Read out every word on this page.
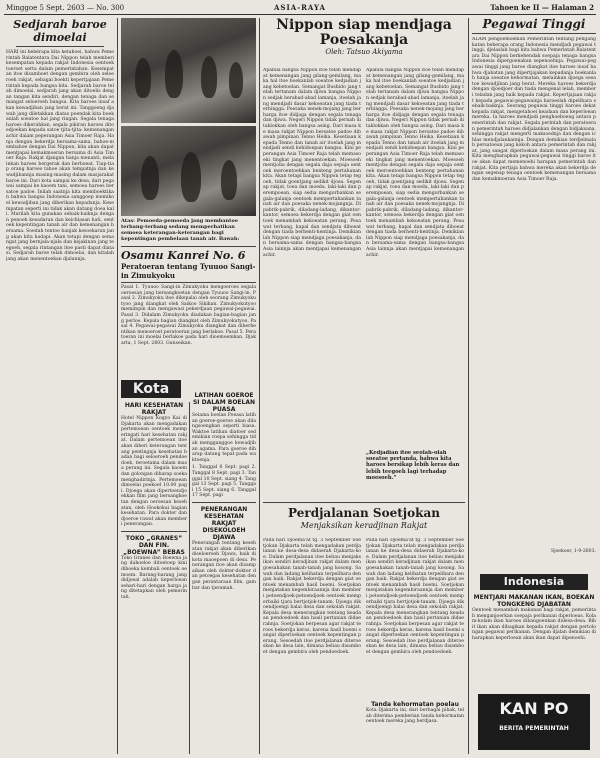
Minggoe 5 Sept. 2603 — No. 300	ASIA-RAYA	Tahoen ke II — Halaman 2
Sedjarah baroe dimoelai
HARI ini bebérapa kita ketahoei, bahwa Pemerintah Balatentara Dai Nippon telah memberi kesempatan kepada rakjat Indonesia oentoek toeroet serta dalam pemerintahan. Kesempatan itoe disamboet dengan gembira oleh seloeroeh rakjat, sebagai boekti kepertjajaan Pemerintah kepada bangsa kita. Sedjarah baroe telah dimoelai, sedjarah jang akan ditoelis dengan tangan kita sendiri, dengan tenaga dan semangat seloeroeh bangsa. Kita haroes insaf akan kewadjiban jang berat ini. Tanggoeng djawab jang diletakkan diatas poendak kita boekanlah soeatoe hal jang ringan. Segala tenaga haroes dikerahkan, segala pikiran haroes ditoedjoekan kepada satoe tjita-tjita: kemenangan achir dalam peperangan Asia Timoer Raja. Hanja dengan bekerdja bersama-sama, bahoe-membahoe dengan Dai Nippon, kita akan dapat mentjapai kemakmoeran bersama di Asia Timoer Raja. Rakjat djangan hanja menanti, melainkan haroes bergerak dan berboeat. Tiap-tiap orang haroes tahoe akan tempatnja dan kewadjibannja masing-masing dalam masjarakat baroe ini. Dari kota sampai ke desa, dari pegawai sampai ke kaoem tani, semoea haroes bersatoe padoe. Inilah saatnja kita memboektikan bahwa bangsa Indonesia sanggoep memikoel kewadjiban jang diberikan kepadanja. Kesempatan seperti ini tidak akan datang doea kali. Marilah kita gunakan sebaik-baiknja dengan penoeh kesadaran dan keichlasan hati, oentoek kepentingan tanah air dan kemenangan bersama. Soedah tentoe banjak kesoekaran jang akan kita hadapi. Akan tetapi dengan semangat jang bernjala-njala dan kejakinan jang teegoeh, segala rintangan itoe pasti dapat diatasi. Sedjarah baroe telah dimoelai, dan kitalah jang akan menentoekan djalannja.
Atas: Pemoeda-pemoeda jang membantoe terbang-terbang sedang memperhatikan semoea keterangan-keterangan bagi kepentingan pembelaan tanah air. Bawah:
Osamu Kanrei No. 6
Peratoeran tentang Tyuuoo Sangi-in Zimukyoku
Pasal 1. Tyuuoo Sangi-in Zimukyoku mengoeroes segala oeroesan jang bersangkoetan dengan Tyuuoo Sangi-in. Pasal 2. Zimukyoku itoe dikepalai oleh seorang Zimukyokutyoo jang diangkat oleh Saikoo Sikikan. Zimukyokutyoo memimpin dan mengawasi pekerdjaan pegawai-pegawai. Pasal 3. Didalam Zimukyoku diadakan bagian-bagian jang perloe. Kepala bagian diangkat oleh Zimukyokutyoo. Pasal 4. Pegawai-pegawai Zimukyoku diangkat dan diberhentikan menoeroet peratoeran jang berlakoe. Pasal 5. Peratoeran ini moelai berlakoe pada hari dioemoemkan. Djakarta, 1 Sept. 2603. Gunseikan.
Kota
HARI KESEHATAN RAKJAT
Hotel Nippon Kogyo Kai di Djakarta akan mengadakan pertemoean oentoek memperingati hari kesehatan rakjat. Dalam pertemoean itoe akan diberi keterangan tentang pentingnja kesehatan badan bagi seloeroeh pendoedoek, teroetama dalam masa perang ini. Segala kaoem dan golongan diharap soeka menghadirinja. Pertemoean dimoelai poekoel 10.00 pagi. Djoega akan dipertoendjoekkan film jang bersangkoetan dengan oeroesan kesehatan, oleh Hookokai bagian kesehatan. Para dokter dan djoeroe rawat akan memberi penerangan.
TOKO „GRANES” DAN FIN. „BOEWNA” BEBAS
Toko Granes dan Boewna jang dahoeloe ditoetoep kini diboeka kembali oentoek oemoem. Barang-barang jang didjoeal adalah keperloean sehari-hari dengan harga jang ditetapkan oleh pemerintah.
LATIHAN GOEROE SI DALAM BOELAN PUASA
Selama boelan Poeasa latihan goeroe-goeroe akan dilangsoengkan seperti biasa. Waktoe latihan diatoer sedemikian roepa sehingga tidak mengganggoe kewadjiban agama. Para goeroe diharap datang tepat pada waktoenja.
1. Tanggal 6 Sept. pagi 2. Tanggal 8 Sept. pagi 3. Tanggal 10 Sept. siang 4. Tanggal 13 Sept. pagi 5. Tanggal 15 Sept. siang 6. Tanggal 17 Sept. pagi
PENERANGAN KESEHATAN RAKJAT DISEKOLOEH DJAWA
Penerangan tentang kesehatan rakjat akan diberikan diseloeroeh Djawa, baik di kota maoepoen di desa. Penerangan itoe akan disampaikan oleh dokter-dokter dan petoegas kesehatan dengan perantaraan film, gambar dan tjeramah.
Nippon siap mendjaga Poesakanja
Oleh: Tatsuo Akiyama
Apabila bangsa Nippon itoe telah mendapat kemenangan jang gilang-gemilang, maka hal itoe boekanlah soeatoe kedjadian jang kebetoelan. Semangat Bushido jang telah tertanam dalam djiwa bangsa Nippon sedjak berabad-abad lamanja, itoelah jang mendjadi dasar kekoeatan jang tiada terhingga. Poesaka nenek-mojang jang berharga itoe didjaga dengan segala tenaga dan djiwa. Negeri Nippon tidak pernah ditaklokkan oleh bangsa asing. Dari masa ke masa rakjat Nippon bersatoe padoe dibawah pimpinan Tenno Heika. Kesetiaan kepada Tenno dan tanah air itoelah jang mendjadi sendi kehidoepan bangsa. Kini peperangan Asia Timoer Raja telah memasoeki tingkat jang menentoekan. Moesoeh mentjoba dengan segala daja oepaja oentoek meroentoehkan benteng pertahanan kita. Akan tetapi bangsa Nippon tetap tegoeh, tidak goentjang sedikit djoea. Segenap rakjat, toea dan moeda, laki-laki dan perempoean, siap sedia mengorbankan segala-galanja oentoek mempertahankan tanah air dan poesaka nenek-mojangnja. Dipabrik-pabrik, diladang-ladang, dikantor-kantor, semoea bekerdja dengan giat oentoek menambah kekoeatan perang. Pesawat terbang, kapal dan sendjata diboeat dengan tiada berhenti-hentinja. Demikianlah Nippon siap mendjaga poesakanja, dan bersama-sama dengan bangsa-bangsa Asia lainnja akan mentjapai kemenangan achir.
Apabila bangsa Nippon itoe telah mendapat kemenangan jang gilang-gemilang, maka hal itoe boekanlah soeatoe kedjadian jang kebetoelan. Semangat Bushido jang telah tertanam dalam djiwa bangsa Nippon sedjak berabad-abad lamanja, itoelah jang mendjadi dasar kekoeatan jang tiada terhingga. Poesaka nenek-mojang jang berharga itoe didjaga dengan segala tenaga dan djiwa. Negeri Nippon tidak pernah ditaklokkan oleh bangsa asing. Dari masa ke masa rakjat Nippon bersatoe padoe dibawah pimpinan Tenno Heika. Kesetiaan kepada Tenno dan tanah air itoelah jang mendjadi sendi kehidoepan bangsa. Kini peperangan Asia Timoer Raja telah memasoeki tingkat jang menentoekan. Moesoeh mentjoba dengan segala daja oepaja oentoek meroentoehkan benteng pertahanan kita. Akan tetapi bangsa Nippon tetap tegoeh, tidak goentjang sedikit djoea. Segenap rakjat, toea dan moeda, laki-laki dan perempoean, siap sedia mengorbankan segala-galanja oentoek mempertahankan tanah air dan poesaka nenek-mojangnja. Dipabrik-pabrik, diladang-ladang, dikantor-kantor, semoea bekerdja dengan giat oentoek menambah kekoeatan perang. Pesawat terbang, kapal dan sendjata diboeat dengan tiada berhenti-hentinja. Demikianlah Nippon siap mendjaga poesakanja, dan bersama-sama dengan bangsa-bangsa Asia lainnja akan mentjapai kemenangan achir.
„Kedjadian itoe seolah-olah soeatoe pertanda, bahwa kita haroes bersikap lebih keras dan lebih teegoeh lagi terhadap moesoeh.”
Perdjalanan Soetjokan
Menjaksikan keradjinan Rakjat
Pada hari Djoema'at tg. 3 September Soetjokan Djakarta telah mengadakan perdjalanan ke desa-desa didaerah Djakarta-koe. Dalam perdjalanan itoe beliau menjaksikan sendiri keradjinan rakjat dalam mengoesahakan tanah-tanah jang kosong. Sawah dan ladang kelihatan terpelihara dengan baik. Rakjat bekerdja dengan giat oentoek menambah hasil boemi. Soetjokan menjatakan kegembiraannja dan memberi petoendjoek-petoendjoek oentoek memperbaiki tjara bertjotjok-tanam. Djoega dikoendjoengi balai desa dan sekolah rakjat. Kepala desa menerangkan tentang keadaan pendoedoek dan hasil pertanian didaerahnja. Soetjokan berpesan agar rakjat teroes bekerdja keras, karena hasil boemi sangat diperloekan oentoek kepentingan perang. Sesoedah itoe perdjalanan diteroeskan ke desa lain, dimana beliau disamboet dengan gembira oleh pendoedoek.
Pada hari Djoema'at tg. 3 September Soetjokan Djakarta telah mengadakan perdjalanan ke desa-desa didaerah Djakarta-koe. Dalam perdjalanan itoe beliau menjaksikan sendiri keradjinan rakjat dalam mengoesahakan tanah-tanah jang kosong. Sawah dan ladang kelihatan terpelihara dengan baik. Rakjat bekerdja dengan giat oentoek menambah hasil boemi. Soetjokan menjatakan kegembiraannja dan memberi petoendjoek-petoendjoek oentoek memperbaiki tjara bertjotjok-tanam. Djoega dikoendjoengi balai desa dan sekolah rakjat. Kepala desa menerangkan tentang keadaan pendoedoek dan hasil pertanian didaerahnja. Soetjokan berpesan agar rakjat teroes bekerdja keras, karena hasil boemi sangat diperloekan oentoek kepentingan perang. Sesoedah itoe perdjalanan diteroeskan ke desa lain, dimana beliau disamboet dengan gembira oleh pendoedoek.
Tanda kehormatan poelau
Kota Djakarta ini, dari berbagai pihak, telah diterima pemberian tanda kehormatan oentoek mereka jang berdjasa.
Pegawai Tinggi
ALAM pengoemoeman Pemerintah tentang pengangkatan beberapa orang Indonesia mendjadi pegawai tinggi, djelaslah bagi kita bahwa Pemerintah Balatentara Dai Nippon berkehendak soepaja tenaga bangsa Indonesia dipergoenakan sepenoehnja. Pegawai-pegawai tinggi jang baroe diangkat itoe haroes insaf bahwa djabatan jang dipertjajakan kepadanja boekanlah hanja soeatoe kehormatan, melainkan djoega soeatoe kewadjiban jang berat. Mereka haroes bekerdja dengan djoedjoer dan tiada mengenal lelah, memberi teladan jang baik kepada rakjat. Kepertjajaan rakjat kepada pegawai-pegawainja haroeslah dipelihara sebaik-baiknja. Seorang pegawai tinggi haroes dekat kepada rakjat, mengetahoei keadaan dan keperloean mereka. Ia haroes mendjadi penghoeboeng antara pemerintah dan rakjat. Segala perintah dan peratoeran pemerintah haroes didjalankan dengan bidjaksana, sehingga rakjat mengerti maksoednja dan dengan ichlas mendjalankannja. Dengan demikian terdjelmalah persatoean jang kokoh antara pemerintah dan rakjat, jang sangat diperloekan dalam masa perang ini. Kita mengharapkan pegawai-pegawai tinggi baroe itoe akan dapat memenoehi harapan pemerintah dan rakjat. Kita pertjaja bahwa mereka akan bekerdja dengan segenap tenaga oentoek kemenangan bersama dan kemakmoeran Asia Timoer Raja.
Sjoekoer, 1-9-2603.
Indonesia
MENTJARI MAKANAN IKAN, BOEKAN TONGKENG DJABATAN
Oentoek menambah makanan bagi rakjat, pemerintah menganjoerkan soepaja perikanan diperloeas. Kolam-kolam ikan haroes dibangoenkan didesa-desa. Bibit ikan akan dibagikan kepada rakjat dengan pertolongan pegawai perikanan. Dengan djalan demikian diharapkan keperloean akan ikan dapat dipenoehi.
KAN PO
BERITA PEMERINTAH
